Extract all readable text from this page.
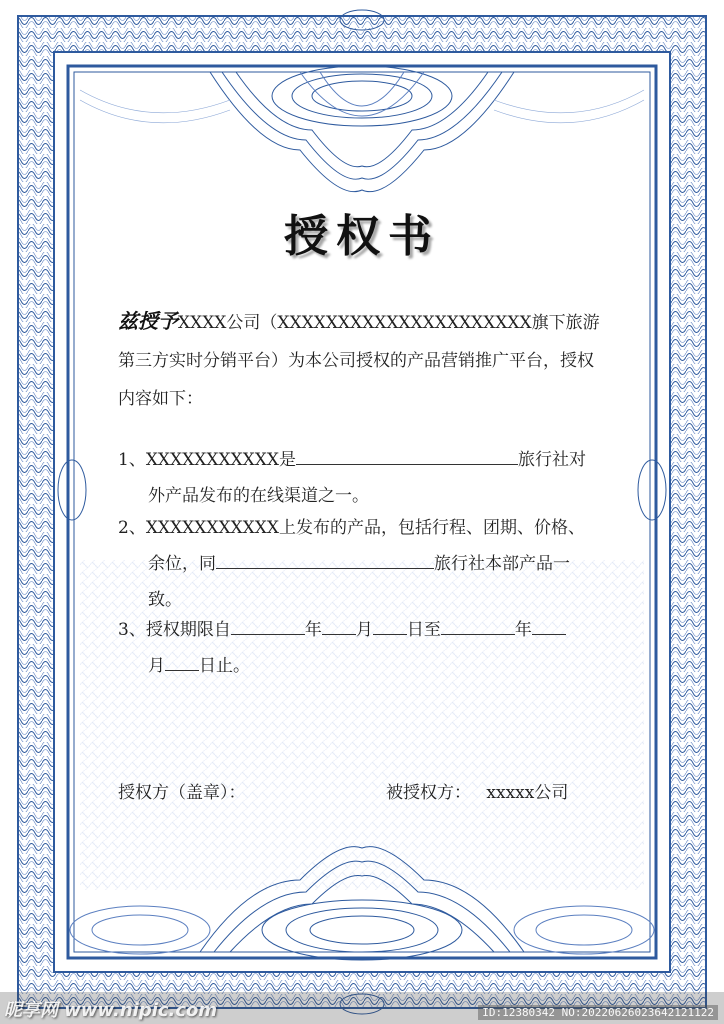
授权书
兹授予XXXX公司（XXXXXXXXXXXXXXXXXXXXX旗下旅游第三方实时分销平台）为本公司授权的产品营销推广平台，授权内容如下：
1、XXXXXXXXXXX是	旅行社对
外产品发布的在线渠道之一。
2、XXXXXXXXXXX上发布的产品，包括行程、团期、价格、
余位，同	旅行社本部产品一
致。
3、授权期限自	年 月 日至	年
月 日止。
授权方（盖章）：	被授权方： xxxxx公司
昵享网 www.nipic.com	ID:12380342 NO:20220626023642121122
